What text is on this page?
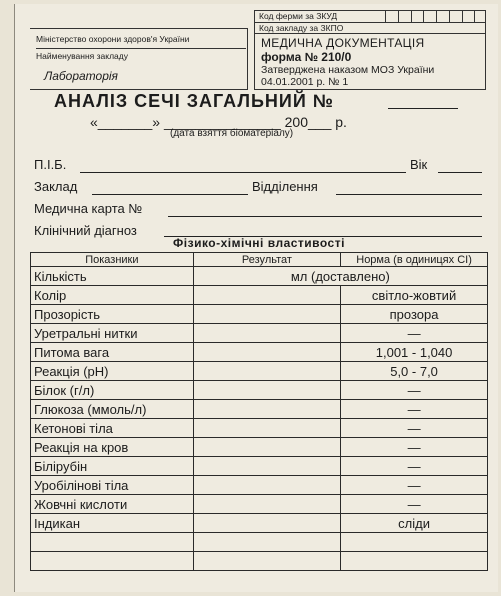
Міністерство охорони здоров'я України
Найменування закладу
Лабораторія
Код ферми за ЗКУД
Код закладу за ЗКПО
МЕДИЧНА ДОКУМЕНТАЦІЯ
форма № 210/0
Затверджена наказом МОЗ України
04.01.2001 р. № 1
АНАЛІЗ СЕЧІ ЗАГАЛЬНИЙ №
«_______» _______________ 200___ р.
(дата взяття біоматеріалу)
П.І.Б.	Вік
Заклад	Відділення
Медична карта №
Клінічний діагноз
Фізико-хімічні властивості
Показники	Результат	Норма (в одиницях СІ)
Кількість	мл (доставлено)	
Колір		світло-жовтий
Прозорість		прозора
Уретральні нитки		—
Питома вага		1,001 - 1,040
Реакція (рН)		5,0 - 7,0
Білок (г/л)		—
Глюкоза (ммоль/л)		—
Кетонові тіла		—
Реакція на кров		—
Білірубін		—
Уробілінові тіла		—
Жовчні кислоти		—
Індикан		сліди
